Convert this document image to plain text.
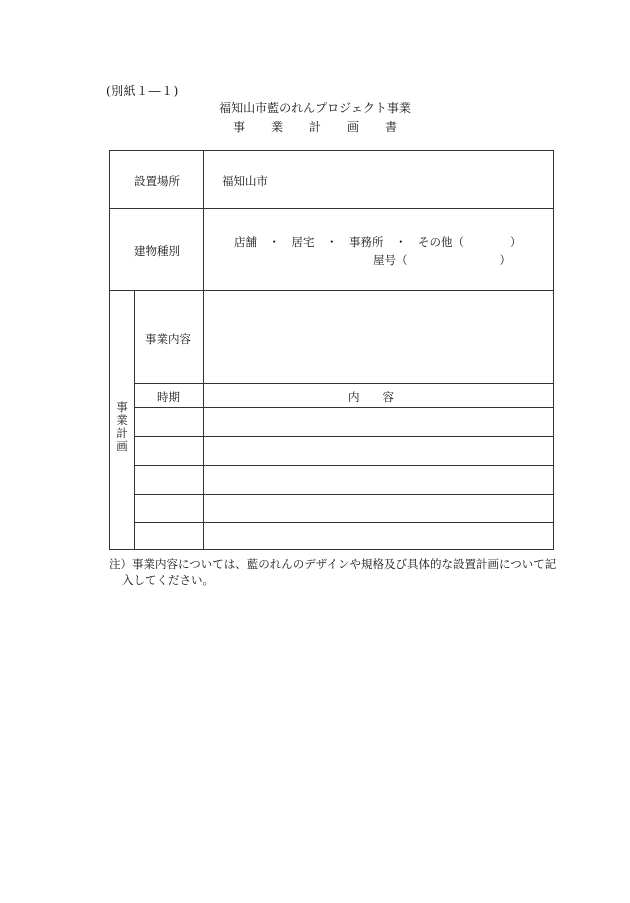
(別紙１―１)
福知山市藍のれんプロジェクト事業
事業計画書
設置場所	福知山市
建物種別
店舗　・　居宅　・　事務所　・　その他（　　　　）
屋号（　　　　　　　　）
事
業
計
画
事業内容
時期	内　　容
注）事業内容については、藍のれんのデザインや規格及び具体的な設置計画について記
入してください。
